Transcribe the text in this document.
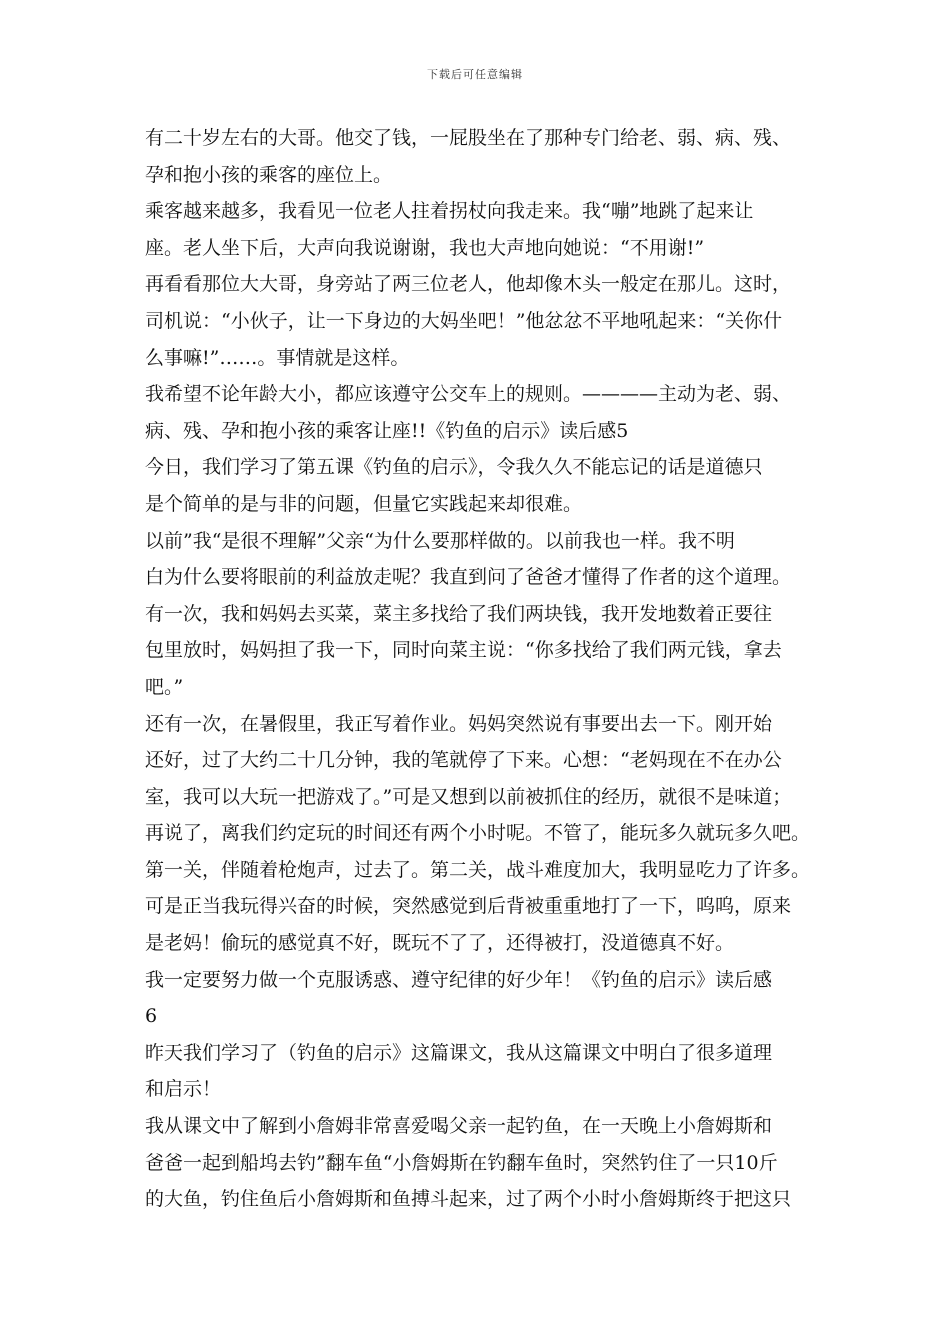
下载后可任意编辑
有二十岁左右的大哥。他交了钱，一屁股坐在了那种专门给老、弱、病、残、
孕和抱小孩的乘客的座位上。
乘客越来越多，我看见一位老人拄着拐杖向我走来。我“嘣”地跳了起来让
座。老人坐下后，大声向我说谢谢，我也大声地向她说：“不用谢!”
再看看那位大大哥，身旁站了两三位老人，他却像木头一般定在那儿。这时，
司机说：“小伙子，让一下身边的大妈坐吧！”他忿忿不平地吼起来：“关你什
么事嘛!”……。事情就是这样。
我希望不论年龄大小，都应该遵守公交车上的规则。————主动为老、弱、
病、残、孕和抱小孩的乘客让座!!《钓鱼的启示》读后感5
今日，我们学习了第五课《钓鱼的启示》，令我久久不能忘记的话是道德只
是个简单的是与非的问题，但量它实践起来却很难。
以前”我“是很不理解”父亲“为什么要那样做的。以前我也一样。我不明
白为什么要将眼前的利益放走呢？我直到问了爸爸才懂得了作者的这个道理。
有一次，我和妈妈去买菜，菜主多找给了我们两块钱，我开发地数着正要往
包里放时，妈妈担了我一下，同时向菜主说：“你多找给了我们两元钱，拿去
吧。”
还有一次，在暑假里，我正写着作业。妈妈突然说有事要出去一下。刚开始
还好，过了大约二十几分钟，我的笔就停了下来。心想：“老妈现在不在办公
室，我可以大玩一把游戏了。”可是又想到以前被抓住的经历，就很不是味道；
再说了，离我们约定玩的时间还有两个小时呢。不管了，能玩多久就玩多久吧。
第一关，伴随着枪炮声，过去了。第二关，战斗难度加大，我明显吃力了许多。
可是正当我玩得兴奋的时候，突然感觉到后背被重重地打了一下，呜呜，原来
是老妈！偷玩的感觉真不好，既玩不了了，还得被打，没道德真不好。
我一定要努力做一个克服诱惑、遵守纪律的好少年！《钓鱼的启示》读后感
6
昨天我们学习了（钓鱼的启示》这篇课文，我从这篇课文中明白了很多道理
和启示！
我从课文中了解到小詹姆非常喜爱喝父亲一起钓鱼，在一天晚上小詹姆斯和
爸爸一起到船坞去钓”翻车鱼“小詹姆斯在钓翻车鱼时，突然钓住了一只10斤
的大鱼，钓住鱼后小詹姆斯和鱼搏斗起来，过了两个小时小詹姆斯终于把这只
